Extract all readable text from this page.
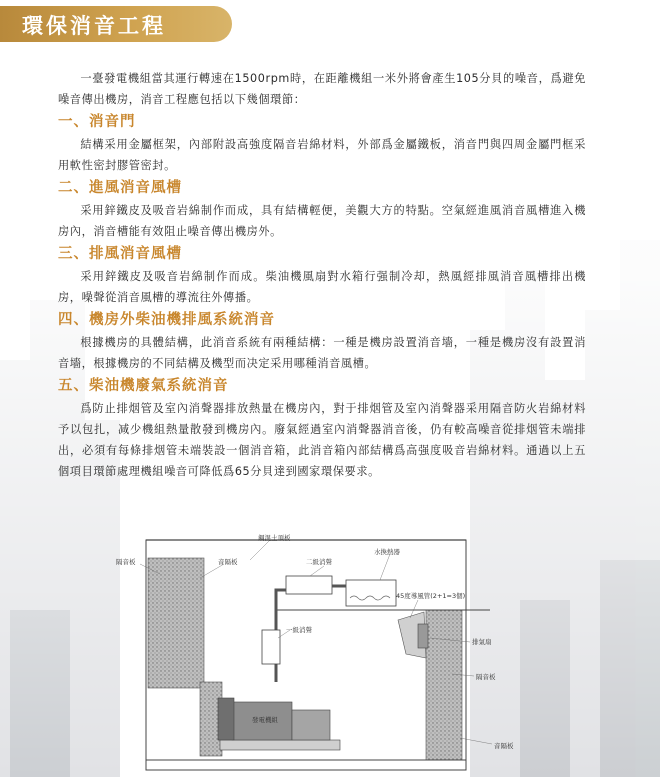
環保消音工程

一臺發電機組當其運行轉速在1500rpm時，在距離機組一米外將會產生105分貝的噪音，爲避免噪音傳出機房，消音工程應包括以下幾個環節：

一、消音門

結構采用金屬框架，內部附設高強度隔音岩綿材料，外部爲金屬鐵板，消音門與四周金屬門框采用軟性密封膠管密封。

二、進風消音風槽

采用鋅鐵皮及吸音岩綿制作而成，具有結構輕便，美觀大方的特點。空氣經進風消音風槽進入機房內，消音槽能有效阻止噪音傳出機房外。

三、排風消音風槽

采用鋅鐵皮及吸音岩綿制作而成。柴油機風扇對水箱行强制冷却，熱風經排風消音風槽排出機房，噪聲從消音風槽的導流往外傳播。

四、機房外柴油機排風系統消音

根據機房的具體結構，此消音系統有兩種結構：一種是機房設置消音墻，一種是機房沒有設置消音墻，根據機房的不同結構及機型而决定采用哪種消音風槽。

五、柴油機廢氣系統消音

爲防止排烟管及室內消聲器排放熱量在機房內，對于排烟管及室內消聲器采用隔音防火岩綿材料予以包扎，减少機組熱量散發到機房內。廢氣經過室內消聲器消音後，仍有較高噪音從排烟管未端排出，必須有每條排烟管未端裝設一個消音箱，此消音箱內部結構爲高强度吸音岩綿材料。通過以上五個項目環節處理機組噪音可降低爲65分貝達到國家環保要求。

鋼混土頂板
隔音板	音隔板	二級消聲
水換熱器
45度導風管(2+1=3個)
一級消聲
排氣扇
隔音板
發電機組
音隔板
